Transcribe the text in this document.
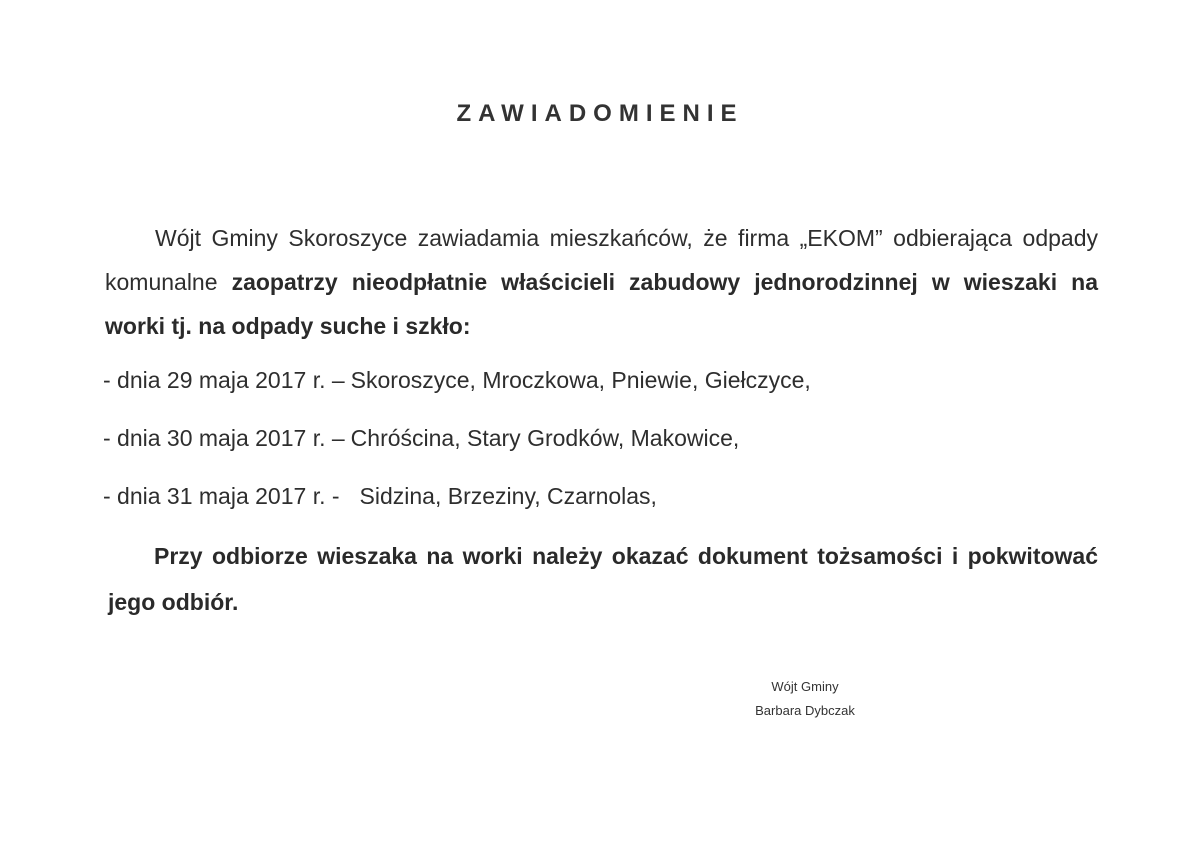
ZAWIADOMIENIE
Wójt Gminy Skoroszyce zawiadamia mieszkańców, że firma „EKOM” odbierająca odpady komunalne zaopatrzy nieodpłatnie właścicieli zabudowy jednorodzinnej w wieszaki na worki tj. na odpady suche i szkło:
- dnia 29 maja 2017 r. – Skoroszyce, Mroczkowa, Pniewie, Giełczyce,
- dnia 30 maja 2017 r. – Chróścina, Stary Grodków, Makowice,
- dnia 31 maja 2017 r. - Sidzina, Brzeziny, Czarnolas,
Przy odbiorze wieszaka na worki należy okazać dokument tożsamości i pokwitować jego odbiór.
Wójt Gminy
Barbara Dybczak
